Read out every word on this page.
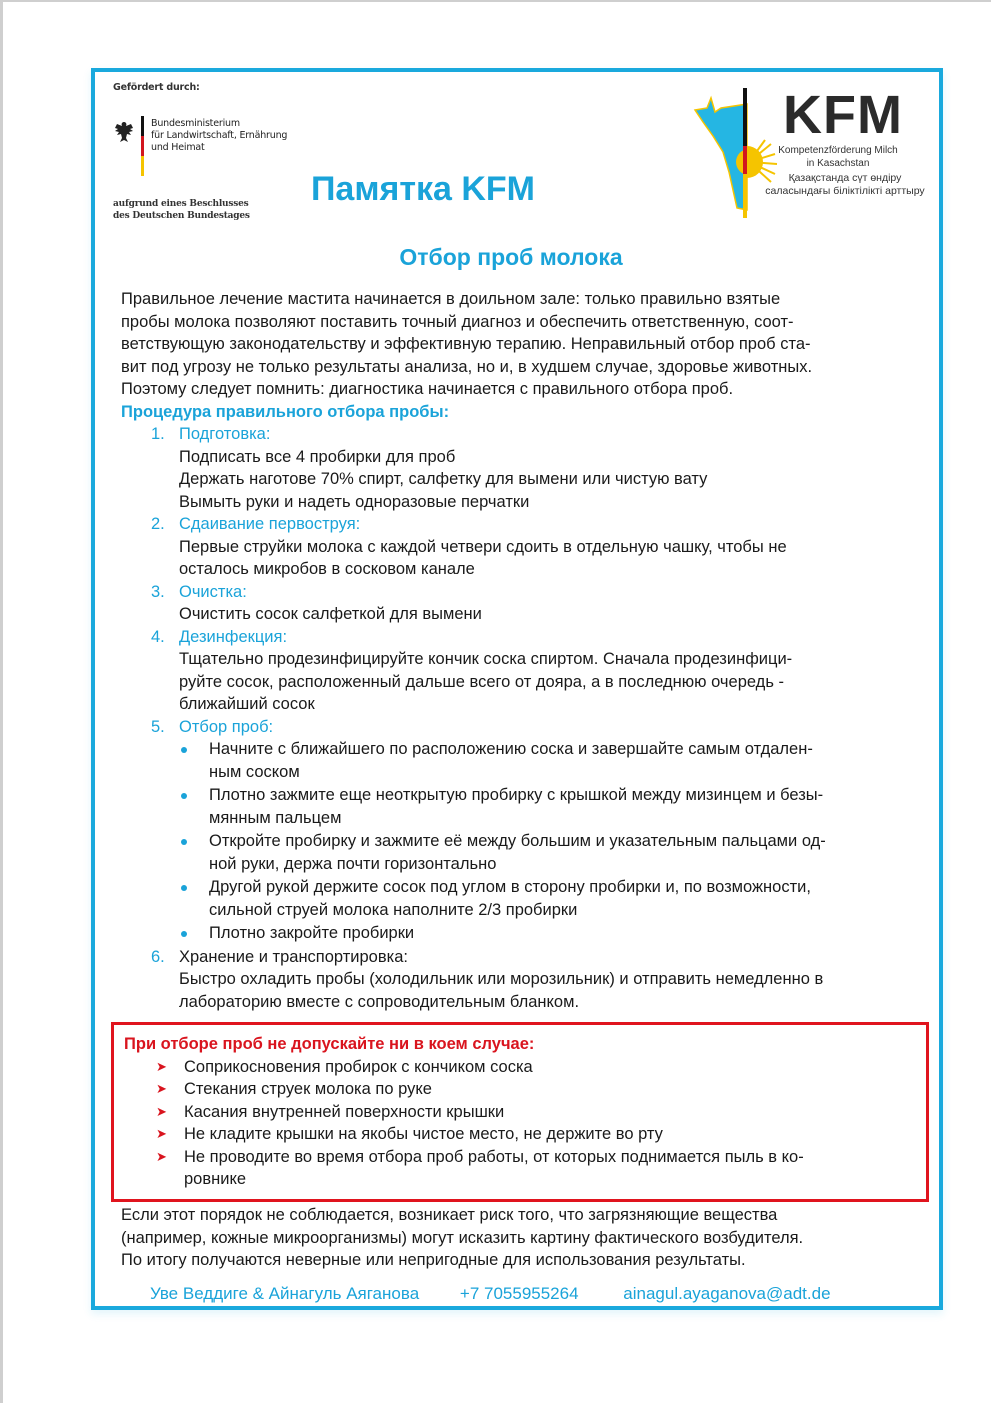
Gefördert durch:
Bundesministerium
für Landwirtschaft, Ernährung
und Heimat
aufgrund eines Beschlusses
des Deutschen Bundestages
KFM
Kompetenzförderung Milch
in Kasachstan
Қазақстанда сүт өндіру
саласындағы біліктілікті арттыру
Памятка KFM
Отбор проб молока

Правильное лечение мастита начинается в доильном зале: только правильно взятые

пробы молока позволяют поставить точный диагноз и обеспечить ответственную, соот-

ветствующую законодательству и эффективную терапию. Неправильный отбор проб ста-

вит под угрозу не только результаты анализа, но и, в худшем случае, здоровье животных.

Поэтому следует помнить: диагностика начинается с правильного отбора проб.

Процедура правильного отбора пробы:
1. Подготовка:
Подписать все 4 пробирки для проб
Держать наготове 70% спирт, салфетку для вымени или чистую вату
Вымыть руки и надеть одноразовые перчатки
2. Сдаивание первоструя:
Первые струйки молока с каждой четвери сдоить в отдельную чашку, чтобы не
осталось микробов в сосковом канале
3. Очистка:
Очистить сосок салфеткой для вымени
4. Дезинфекция:
Тщательно продезинфицируйте кончик соска спиртом. Сначала продезинфици-
руйте сосок, расположенный дальше всего от дояра, а в последнюю очередь -
ближайший сосок
5. Отбор проб:
Начните с ближайшего по расположению соска и завершайте самым отдален-
ным соском
Плотно зажмите еще неоткрытую пробирку с крышкой между мизинцем и безы-
мянным пальцем
Откройте пробирку и зажмите её между большим и указательным пальцами од-
ной руки, держа почти горизонтально
Другой рукой держите сосок под углом в сторону пробирки и, по возможности,
сильной струей молока наполните 2/3 пробирки
Плотно закройте пробирки
6. Хранение и транспортировка:
Быстро охладить пробы (холодильник или морозильник) и отправить немедленно в
лабораторию вместе с сопроводительным бланком.
При отборе проб не допускайте ни в коем случае:
➤ Соприкосновения пробирок с кончиком соска
➤ Стекания струек молока по руке
➤ Касания внутренней поверхности крышки
➤ Не кладите крышки на якобы чистое место, не держите во рту
➤ Не проводите во время отбора проб работы, от которых поднимается пыль в ко-
ровнике
Если этот порядок не соблюдается, возникает риск того, что загрязняющие вещества
(например, кожные микроорганизмы) могут исказить картину фактического возбудителя.
По итогу получаются неверные или непригодные для использования результаты.
Уве Веддиге & Айнагуль Аяганова +7 7055955264	ainagul.ayaganova@adt.de
